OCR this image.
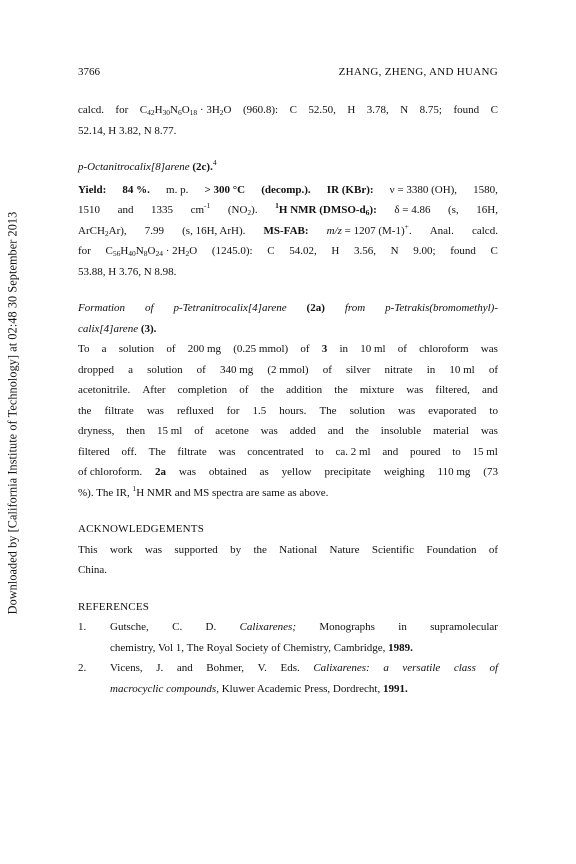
Downloaded by [California Institute of Technology] at 02:48 30 September 2013
3766	ZHANG, ZHENG, AND HUANG
calcd. for $C_{42}H_{30}N_6O_{18} \cdot 3H_2O$ (960.8): C 52.50, H 3.78, N 8.75; found C
52.14, H 3.82, N 8.77.
p-Octanitrocalix[8]arene (2c).$^4$
Yield: 84 %. m. p. > 300 °C (decomp.). IR (KBr): ν = 3380 (OH), 1580,
1510 and 1335 $cm^{-1}$ $(NO_2)$. $^1$H NMR $(DMSO-d_6)$: δ = 4.86 (s, 16H,
ArCH$_2$Ar), 7.99 (s, 16H, ArH). MS-FAB: m/z = 1207 (M-1)+. Anal. calcd.
for $C_{56}H_{40}N_8O_{24} \cdot 2H_2O$ (1245.0): C 54.02, H 3.56, N 9.00; found C
53.88, H 3.76, N 8.98.
Formation of p-Tetranitrocalix[4]arene (2a) from p-Tetrakis(bromomethyl)-
calix[4]arene (3).
To a solution of 200 mg (0.25 mmol) of 3 in 10 ml of chloroform was
dropped a solution of 340 mg (2 mmol) of silver nitrate in 10 ml of
acetonitrile. After completion of the addition the mixture was filtered, and
the filtrate was refluxed for 1.5 hours. The solution was evaporated to
dryness, then 15 ml of acetone was added and the insoluble material was
filtered off. The filtrate was concentrated to ca. 2 ml and poured to 15 ml
of chloroform. 2a was obtained as yellow precipitate weighing 110 mg (73
%). The IR, $^1$H NMR and MS spectra are same as above.
ACKNOWLEDGEMENTS
This work was supported by the National Nature Scientific Foundation of
China.
REFERENCES
1.	Gutsche, C. D. Calixarenes; Monographs in supramolecular
chemistry, Vol 1, The Royal Society of Chemistry, Cambridge, 1989.
2.	Vicens, J. and Bohmer, V. Eds. Calixarenes: a versatile class of
macrocyclic compounds, Kluwer Academic Press, Dordrecht, 1991.
